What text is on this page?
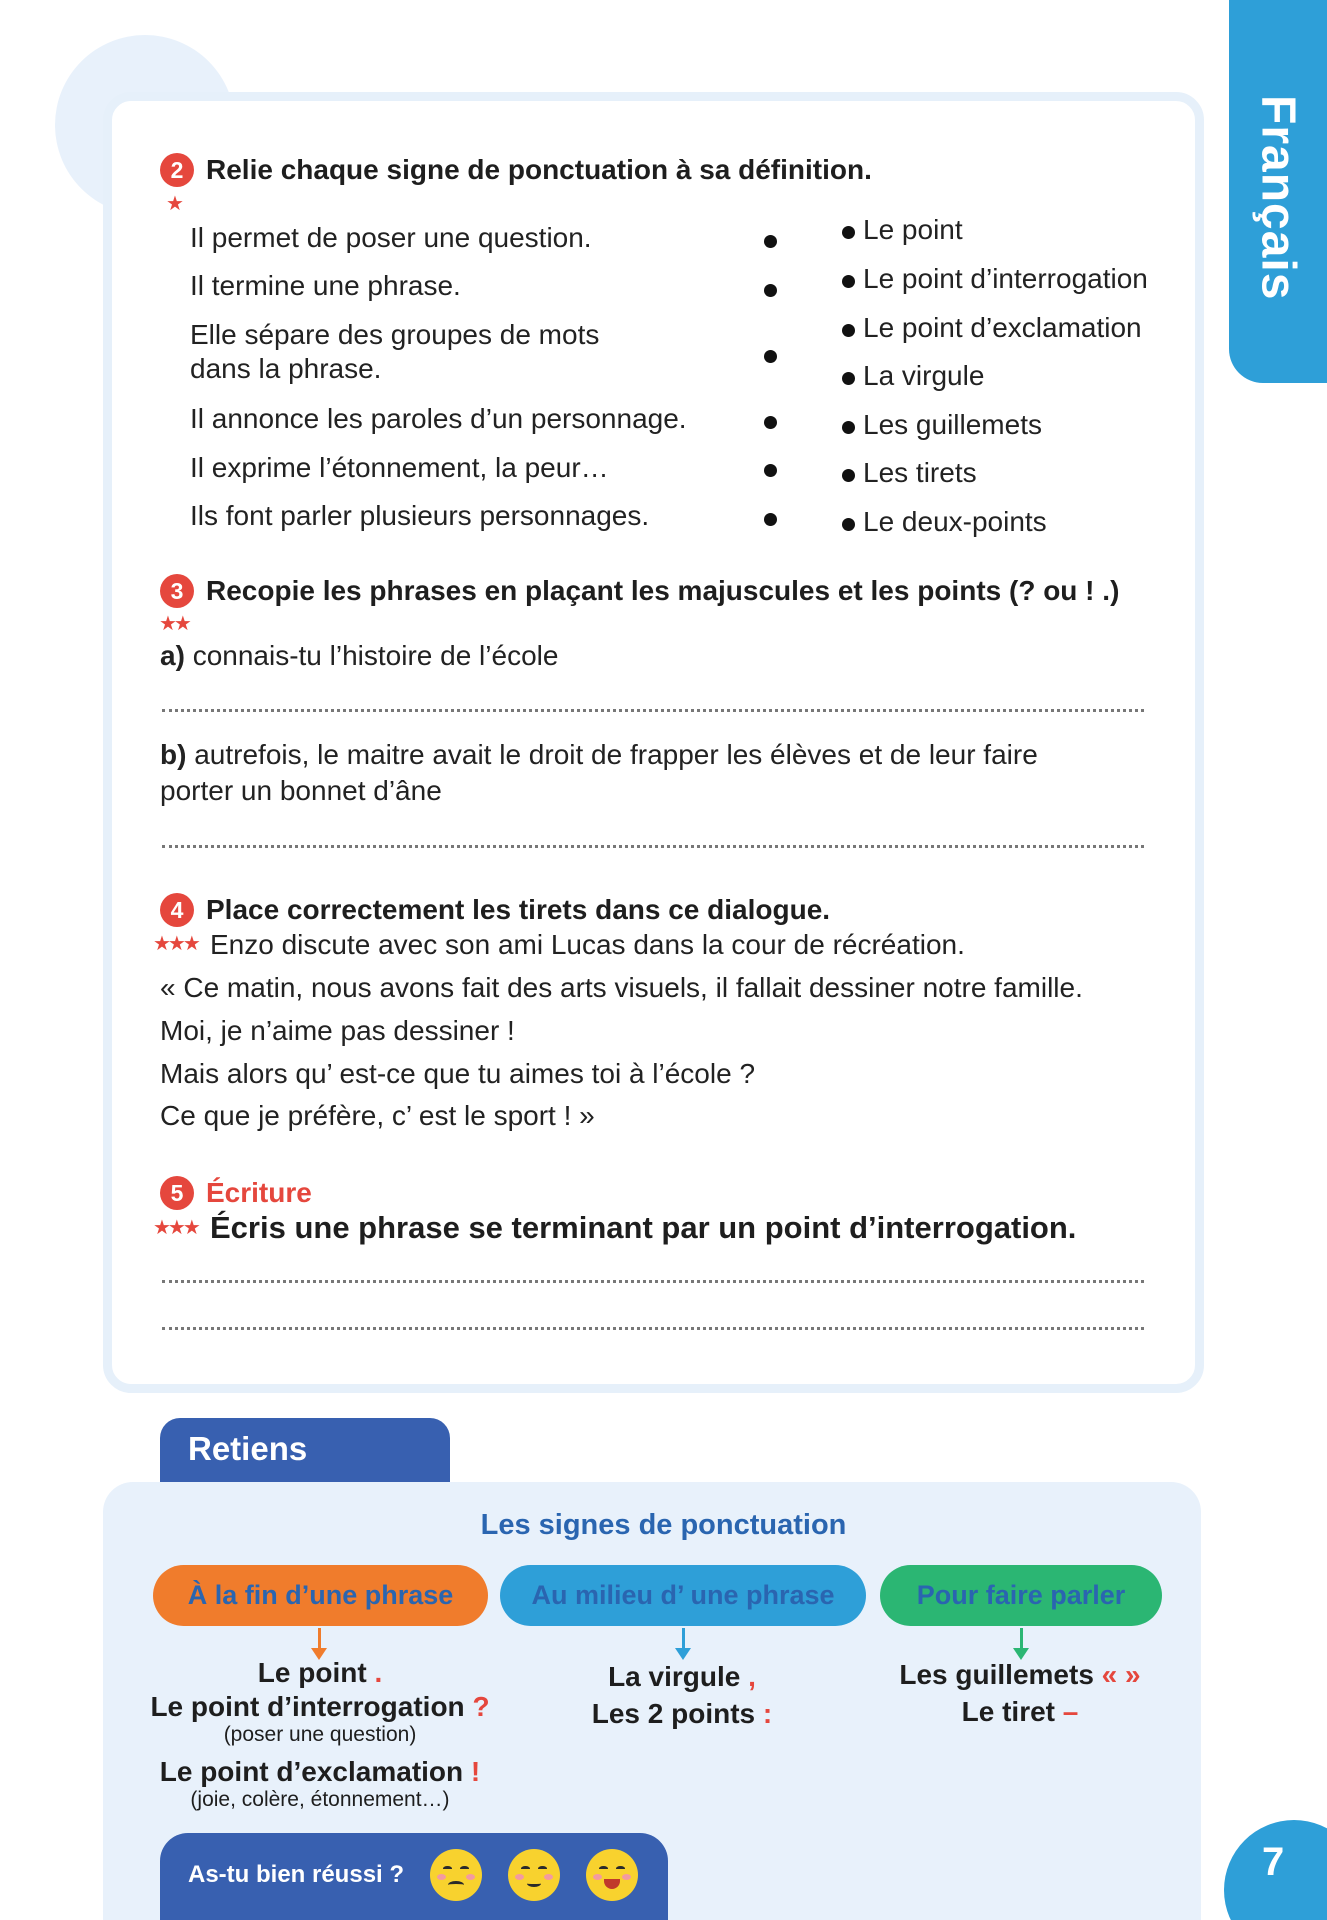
Français
2 Relie chaque signe de ponctuation à sa définition.
★
Il permet de poser une question.
Il termine une phrase.
Elle sépare des groupes de mots
dans la phrase.
Il annonce les paroles d’un personnage.
Il exprime l’étonnement, la peur…
Ils font parler plusieurs personnages.
Le point
Le point d’interrogation
Le point d’exclamation
La virgule
Les guillemets
Les tirets
Le deux-points
3 Recopie les phrases en plaçant les majuscules et les points (? ou ! .)
★★
a) connais-tu l’histoire de l’école
b) autrefois, le maitre avait le droit de frapper les élèves et de leur faire
porter un bonnet d’âne
4 Place correctement les tirets dans ce dialogue.
★★★ Enzo discute avec son ami Lucas dans la cour de récréation.
« Ce matin, nous avons fait des arts visuels, il fallait dessiner notre famille.
Moi, je n’aime pas dessiner !
Mais alors qu’ est-ce que tu aimes toi à l’école ?
Ce que je préfère, c’ est le sport ! »
5 Écriture
★★★ Écris une phrase se terminant par un point d’interrogation.
Retiens
Les signes de ponctuation
À la fin d’une phrase	Au milieu d’ une phrase	Pour faire parler
Le point .
Le point d’interrogation ?
(poser une question)
Le point d’exclamation !
(joie, colère, étonnement…)
La virgule ,
Les 2 points :
Les guillemets « »
Le tiret –
As-tu bien réussi ?	7
